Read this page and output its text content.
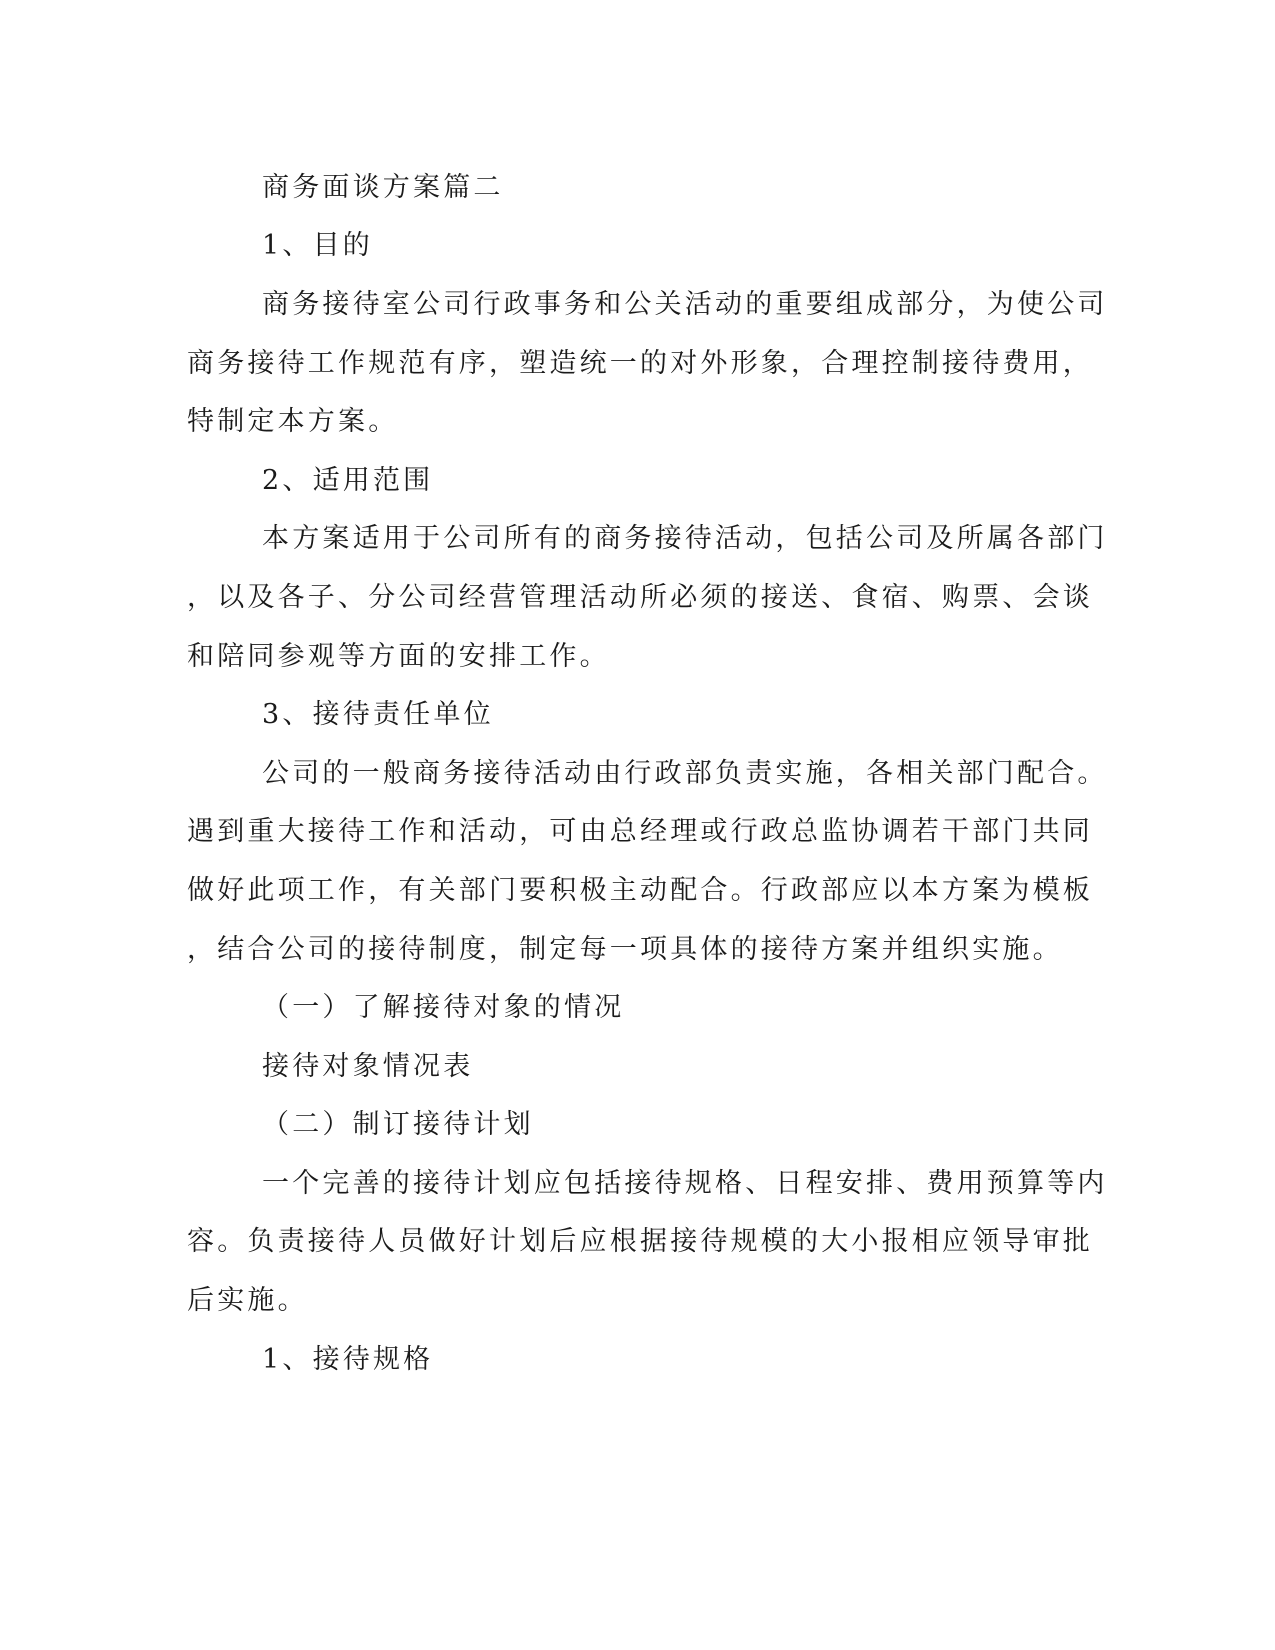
商务面谈方案篇二

1、目的

商务接待室公司行政事务和公关活动的重要组成部分，为使公司

商务接待工作规范有序，塑造统一的对外形象，合理控制接待费用，

特制定本方案。

2、适用范围

本方案适用于公司所有的商务接待活动，包括公司及所属各部门

，以及各子、分公司经营管理活动所必须的接送、食宿、购票、会谈

和陪同参观等方面的安排工作。

3、接待责任单位

公司的一般商务接待活动由行政部负责实施，各相关部门配合。

遇到重大接待工作和活动，可由总经理或行政总监协调若干部门共同

做好此项工作，有关部门要积极主动配合。行政部应以本方案为模板

，结合公司的接待制度，制定每一项具体的接待方案并组织实施。

（一）了解接待对象的情况

接待对象情况表

（二）制订接待计划

一个完善的接待计划应包括接待规格、日程安排、费用预算等内

容。负责接待人员做好计划后应根据接待规模的大小报相应领导审批

后实施。

1、接待规格
